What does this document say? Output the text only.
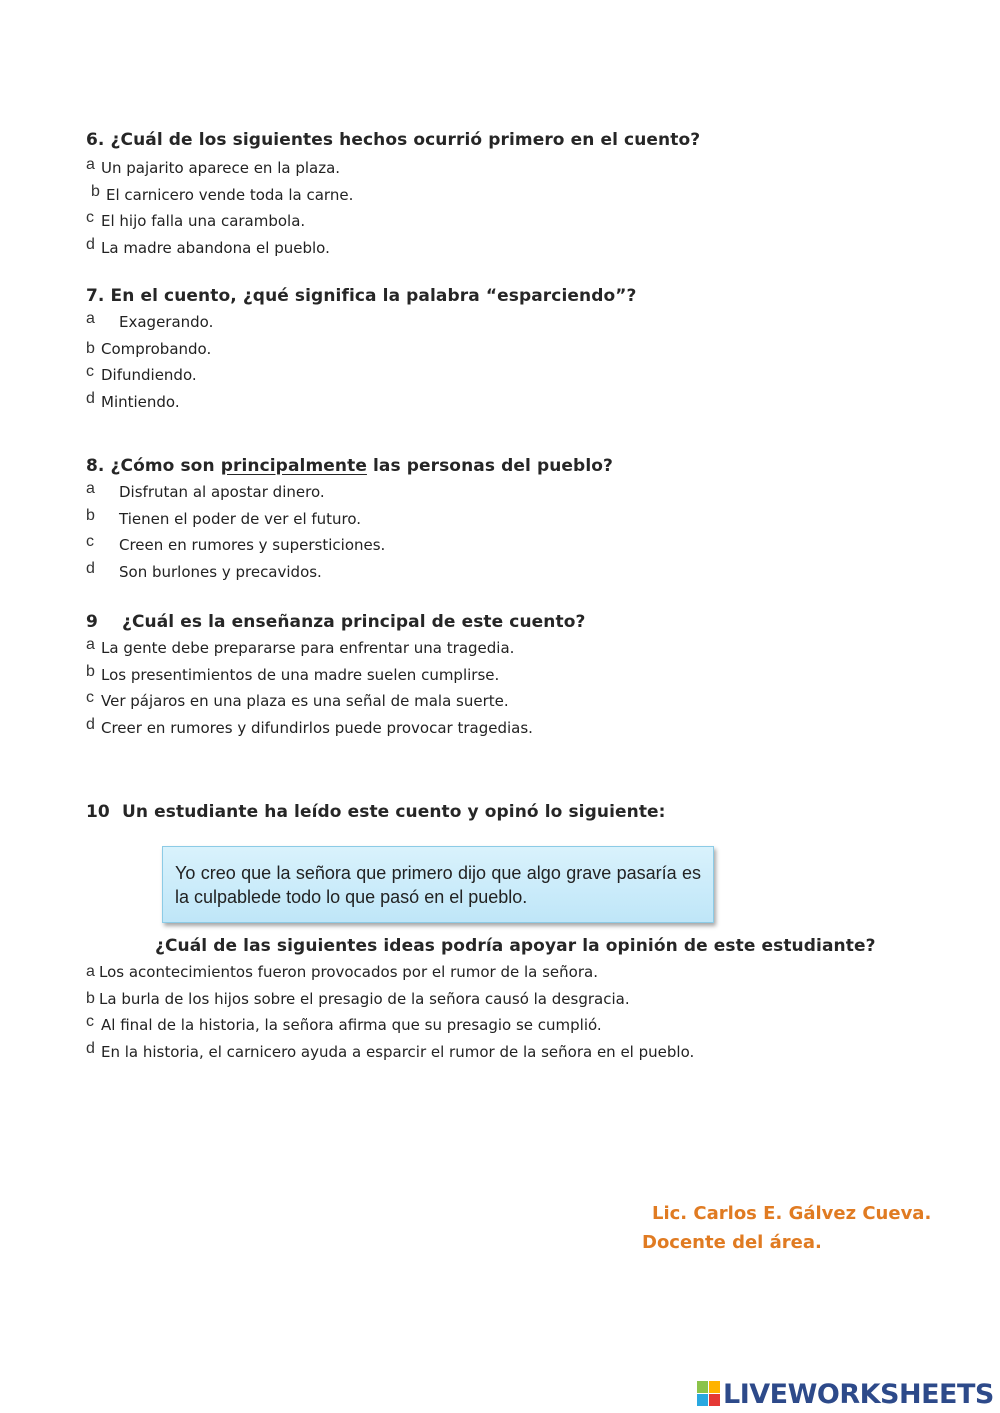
6. ¿Cuál de los siguientes hechos ocurrió primero en el cuento?
a Un pajarito aparece en la plaza.
b El carnicero vende toda la carne.
c El hijo falla una carambola.
d La madre abandona el pueblo.
7. En el cuento, ¿qué significa la palabra “esparciendo”?
a Exagerando.
b Comprobando.
c Difundiendo.
d Mintiendo.
8. ¿Cómo son principalmente las personas del pueblo?
a Disfrutan al apostar dinero.
b Tienen el poder de ver el futuro.
c Creen en rumores y supersticiones.
d Son burlones y precavidos.
9 ¿Cuál es la enseñanza principal de este cuento?
a La gente debe prepararse para enfrentar una tragedia.
b Los presentimientos de una madre suelen cumplirse.
c Ver pájaros en una plaza es una señal de mala suerte.
d Creer en rumores y difundirlos puede provocar tragedias.
10 Un estudiante ha leído este cuento y opinó lo siguiente:
Yo creo que la señora que primero dijo que algo grave pasaría es la culpablede todo lo que pasó en el pueblo.
¿Cuál de las siguientes ideas podría apoyar la opinión de este estudiante?
a Los acontecimientos fueron provocados por el rumor de la señora.
b La burla de los hijos sobre el presagio de la señora causó la desgracia.
c Al final de la historia, la señora afirma que su presagio se cumplió.
d En la historia, el carnicero ayuda a esparcir el rumor de la señora en el pueblo.
Lic. Carlos E. Gálvez Cueva.
Docente del área.
LIVEWORKSHEETS
